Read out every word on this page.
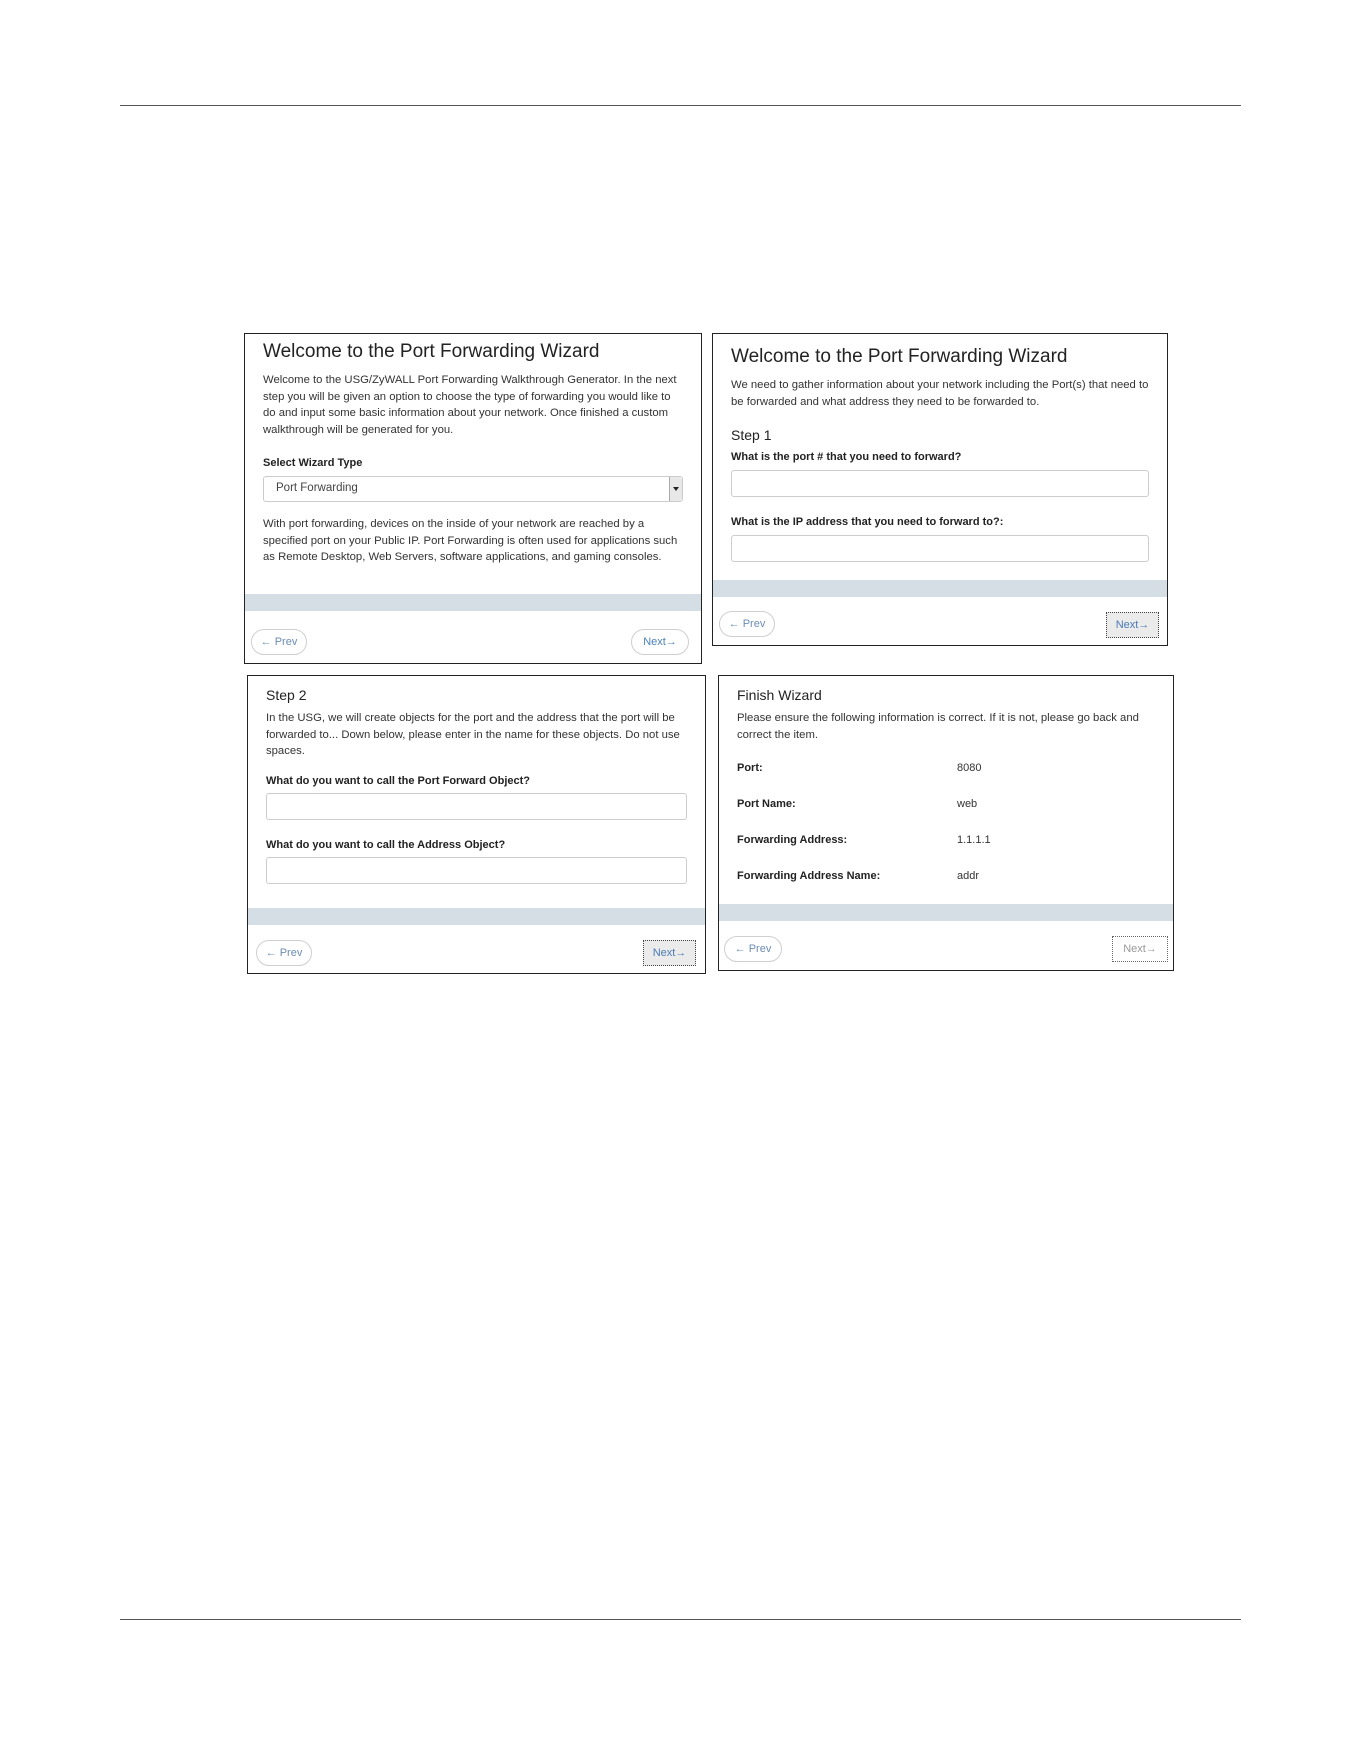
Welcome to the Port Forwarding Wizard

Welcome to the USG/ZyWALL Port Forwarding Walkthrough Generator. In the next step you will be given an option to choose the type of forwarding you would like to do and input some basic information about your network. Once finished a custom walkthrough will be generated for you.

Select Wizard Type
Port Forwarding

With port forwarding, devices on the inside of your network are reached by a specified port on your Public IP. Port Forwarding is often used for applications such as Remote Desktop, Web Servers, software applications, and gaming consoles.

← Prev	Next→
Welcome to the Port Forwarding Wizard

We need to gather information about your network including the Port(s) that need to be forwarded and what address they need to be forwarded to.

Step 1
What is the port # that you need to forward?
What is the IP address that you need to forward to?:
← Prev	Next→
Step 2

In the USG, we will create objects for the port and the address that the port will be forwarded to... Down below, please enter in the name for these objects. Do not use spaces.

What do you want to call the Port Forward Object?
What do you want to call the Address Object?
← Prev	Next→
Finish Wizard

Please ensure the following information is correct. If it is not, please go back and correct the item.

Port:	8080
Port Name:	web
Forwarding Address:	1.1.1.1
Forwarding Address Name:	addr
← Prev	Next→
